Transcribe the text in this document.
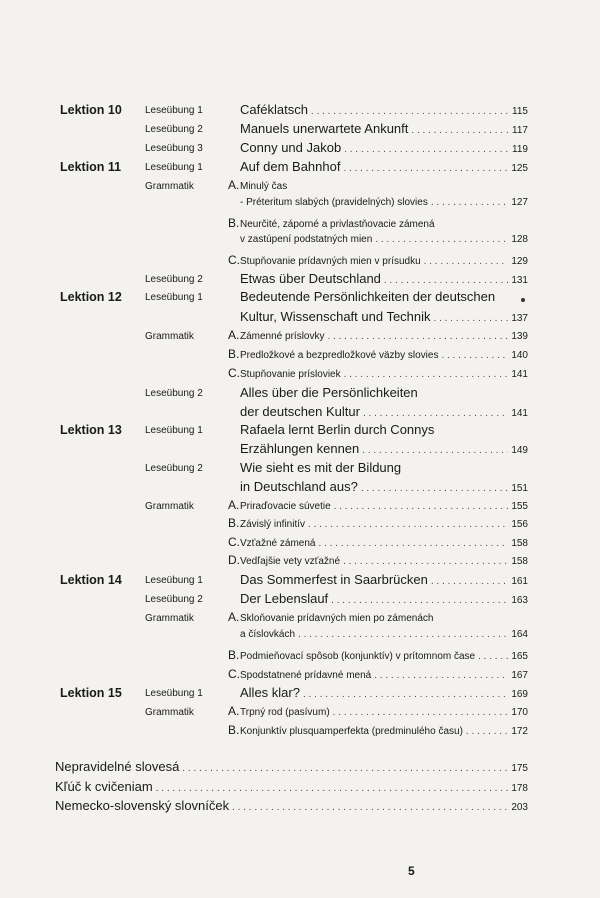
Lektion 10 Leseübung 1	Caféklatsch . . .	115
Leseübung 2	Manuels unerwartete Ankunft . . .	117
Leseübung 3	Conny und Jakob . . .	119
Lektion 11 Leseübung 1	Auf dem Bahnhof . . .	125
Grammatik	A. Minulý čas
- Préteritum slabých (pravidelných) slovies . . .	127
B. Neurčité, záporné a privlastňovacie zámená
v zastúpení podstatných mien . . .	128
C. Stupňovanie prídavných mien v prísudku . . .	129
Leseübung 2	Etwas über Deutschland . . .	131
Lektion 12 Leseübung 1	Bedeutende Persönlichkeiten der deutschen
Kultur, Wissenschaft und Technik . . .	137
Grammatik	A. Zámenné príslovky . . .	139
B. Predložkové a bezpredložkové väzby slovies . . .	140
C. Stupňovanie prísloviek . . .	141
Leseübung 2	Alles über die Persönlichkeiten
der deutschen Kultur . . .	141
Lektion 13 Leseübung 1	Rafaela lernt Berlin durch Connys
Erzählungen kennen . . .	149
Leseübung 2	Wie sieht es mit der Bildung
in Deutschland aus? . . .	151
Grammatik	A. Priraďovacie súvetie . . .	155
B. Závislý infinitív . . .	156
C. Vzťažné zámená . . .	158
D. Vedľajšie vety vzťažné . . .	158
Lektion 14 Leseübung 1	Das Sommerfest in Saarbrücken . . .	161
Leseübung 2	Der Lebenslauf . . .	163
Grammatik	A. Skloňovanie prídavných mien po zámenách
a číslovkách . . .	164
B. Podmieňovací spôsob (konjunktív) v prítomnom čase . . .	165
C. Spodstatnené prídavné mená . . .	167
Lektion 15 Leseübung 1	Alles klar? . . .	169
Grammatik	A. Trpný rod (pasívum) . . .	170
B. Konjunktív plusquamperfekta (predminulého času) . . .	172
Nepravidelné slovesá . . .	175
Kľúč k cvičeniam . . .	178
Nemecko-slovenský slovníček . . .	203
5
